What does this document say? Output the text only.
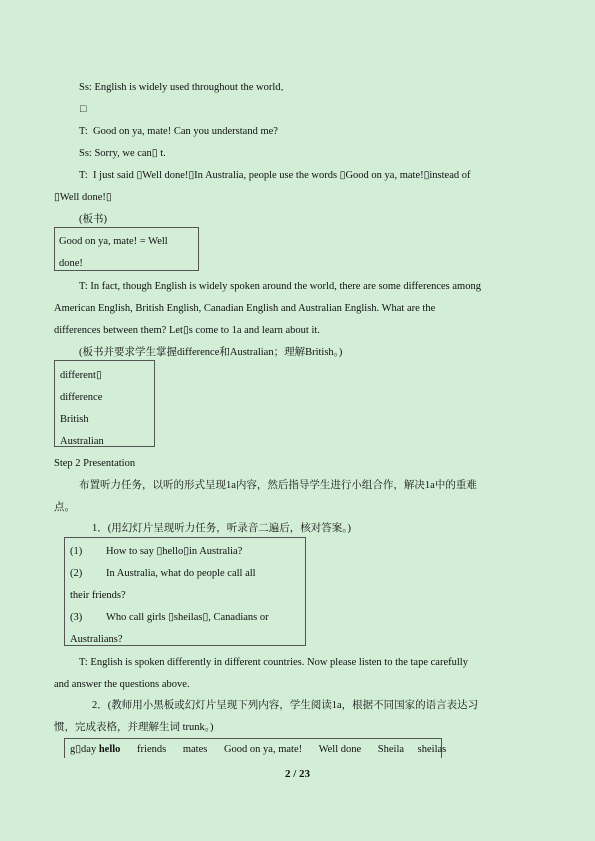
Ss: English is widely used throughout the world．
□
T:  Good on ya, mate! Can you understand me?
Ss: Sorry, we can▯ t.
T:  I just said ▯Well done!▯In Australia, people use the words ▯Good on ya, mate!▯instead of
▯Well done!▯
(板书)
Good on ya, mate! = Well
done!
T: In fact, though English is widely spoken around the world, there are some differences among
American English, British English, Canadian English and Australian English. What are the
differences between them? Let▯s come to 1a and learn about it.
(板书并要求学生掌握difference和Australian；理解British。)
different▯
difference
British
Australian
Step 2 Presentation
布置听力任务，以听的形式呈现1a内容，然后指导学生进行小组合作，解决1a中的重难
点。
1．(用幻灯片呈现听力任务，听录音二遍后，核对答案。)
(1) How to say ▯hello▯in Australia?
(2) In Australia, what do people call all
their friends?
(3) Who call girls ▯sheilas▯, Canadians or
Australians?
T: English is spoken differently in different countries. Now please listen to the tape carefully
and answer the questions above.
2．(教师用小黑板或幻灯片呈现下列内容，学生阅读1a，根据不同国家的语言表达习
惯，完成表格，并理解生词 trunk。)
g▯day hello friends mates Good on ya, mate! Well done Sheila sheilas
2 / 23
